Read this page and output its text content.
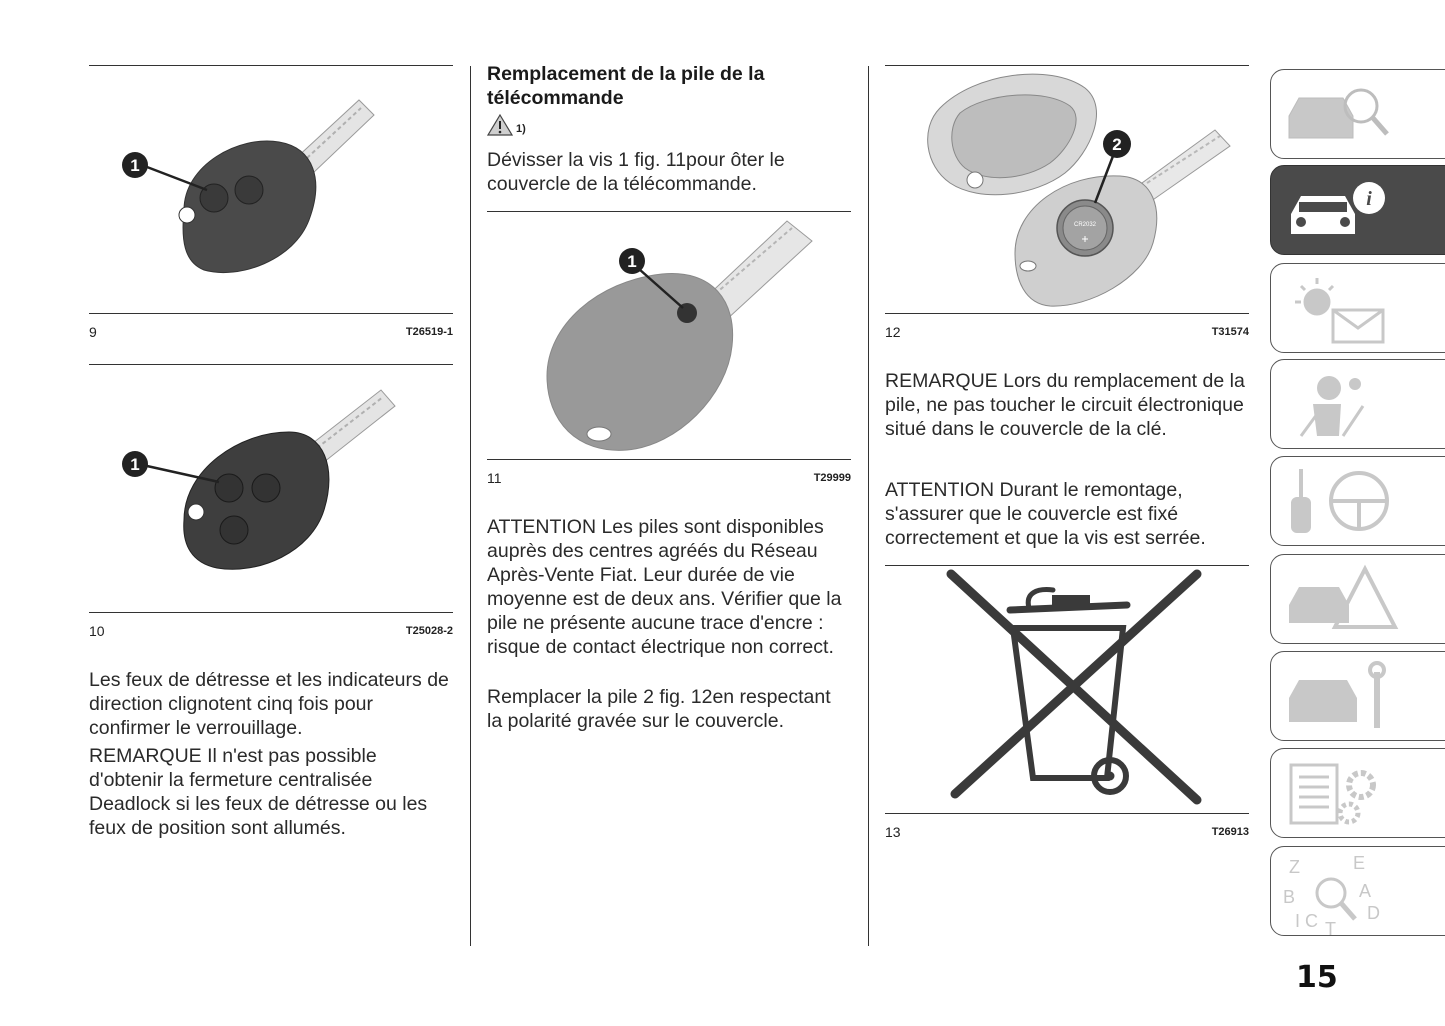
1
9	T26519-1
1
10	T25028-2

Les feux de détresse et les indicateurs de direction clignotent cinq fois pour confirmer le verrouillage.

REMARQUE Il n'est pas possible d'obtenir la fermeture centralisée Deadlock si les feux de détresse ou les feux de position sont allumés.

Remplacement de la pile de la télécommande
1)

Dévisser la vis 1 fig. 11pour ôter le couvercle de la télécommande.

1
11	T29999

ATTENTION Les piles sont disponibles auprès des centres agréés du Réseau Après-Vente Fiat. Leur durée de vie moyenne est de deux ans. Vérifier que la pile ne présente aucune trace d'encre : risque de contact électrique non correct.

Remplacer la pile 2 fig. 12en respectant la polarité gravée sur le couvercle.

CR2032
2
12	T31574

REMARQUE Lors du remplacement de la pile, ne pas toucher le circuit électronique situé dans le couvercle de la clé.

ATTENTION Durant le remontage, s'assurer que le couvercle est fixé correctement et que la vis est serrée.

13	T26913
i
Z	E
B	A
C T
D
I
15
